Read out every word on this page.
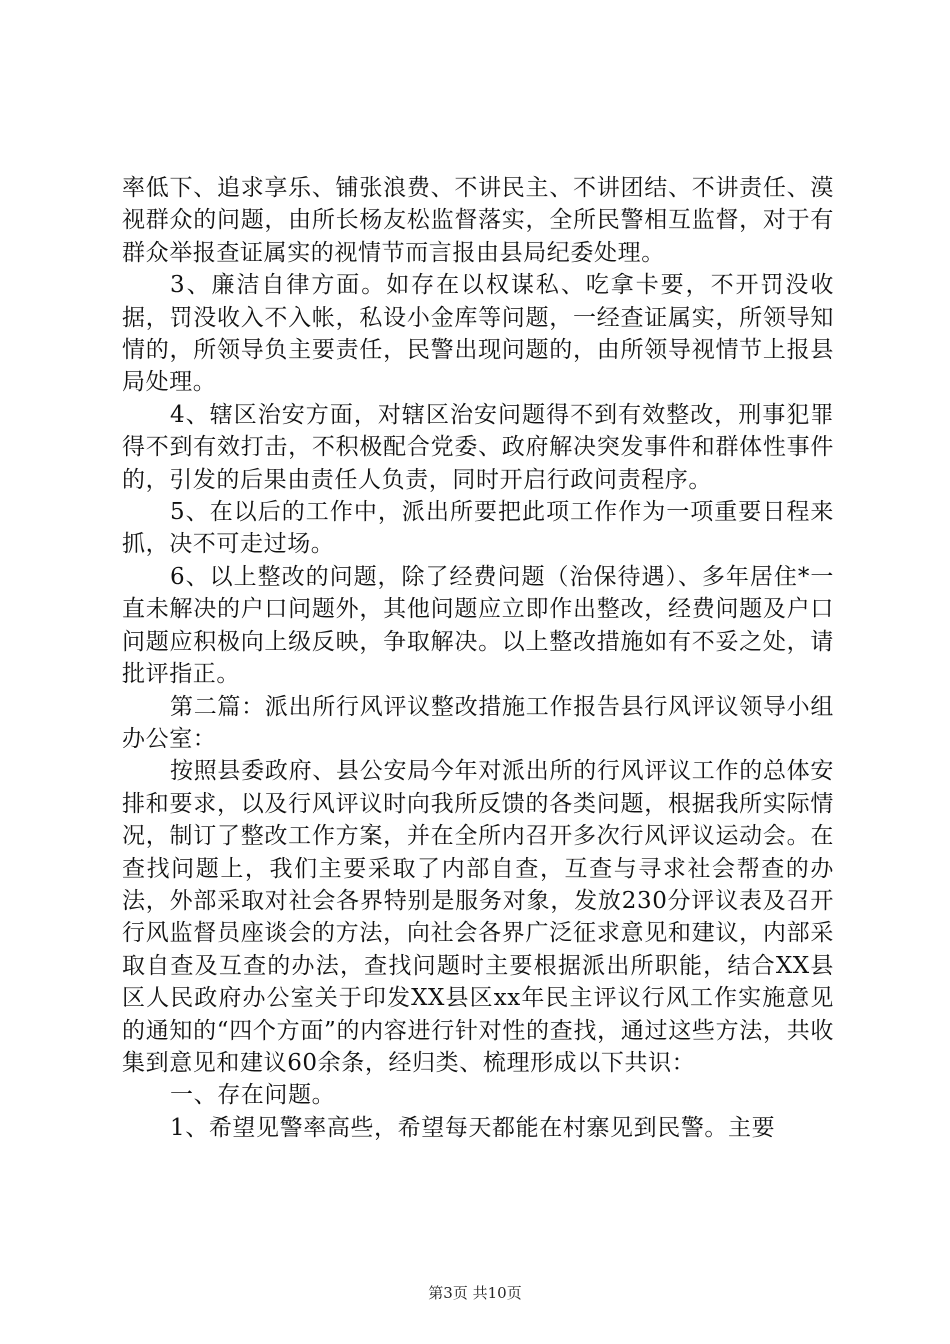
率低下、追求享乐、铺张浪费、不讲民主、不讲团结、不讲责任、漠视群众的问题，由所长杨友松监督落实，全所民警相互监督，对于有群众举报查证属实的视情节而言报由县局纪委处理。

3、廉洁自律方面。如存在以权谋私、吃拿卡要，不开罚没收据，罚没收入不入帐，私设小金库等问题，一经查证属实，所领导知情的，所领导负主要责任，民警出现问题的，由所领导视情节上报县局处理。

4、辖区治安方面，对辖区治安问题得不到有效整改，刑事犯罪得不到有效打击，不积极配合党委、政府解决突发事件和群体性事件的，引发的后果由责任人负责，同时开启行政问责程序。

5、在以后的工作中，派出所要把此项工作作为一项重要日程来抓，决不可走过场。

6、以上整改的问题，除了经费问题（治保待遇）、多年居住*一直未解决的户口问题外，其他问题应立即作出整改，经费问题及户口问题应积极向上级反映，争取解决。以上整改措施如有不妥之处，请批评指正。

第二篇：派出所行风评议整改措施工作报告县行风评议领导小组办公室：

按照县委政府、县公安局今年对派出所的行风评议工作的总体安排和要求，以及行风评议时向我所反馈的各类问题，根据我所实际情况，制订了整改工作方案，并在全所内召开多次行风评议运动会。在查找问题上，我们主要采取了内部自查，互查与寻求社会帮查的办法，外部采取对社会各界特别是服务对象，发放230分评议表及召开行风监督员座谈会的方法，向社会各界广泛征求意见和建议，内部采取自查及互查的办法，查找问题时主要根据派出所职能，结合XX县区人民政府办公室关于印发XX县区xx年民主评议行风工作实施意见的通知的“四个方面”的内容进行针对性的查找，通过这些方法，共收集到意见和建议60余条，经归类、梳理形成以下共识：

一、存在问题。

1、希望见警率高些，希望每天都能在村寨见到民警。主要

第3页 共10页
